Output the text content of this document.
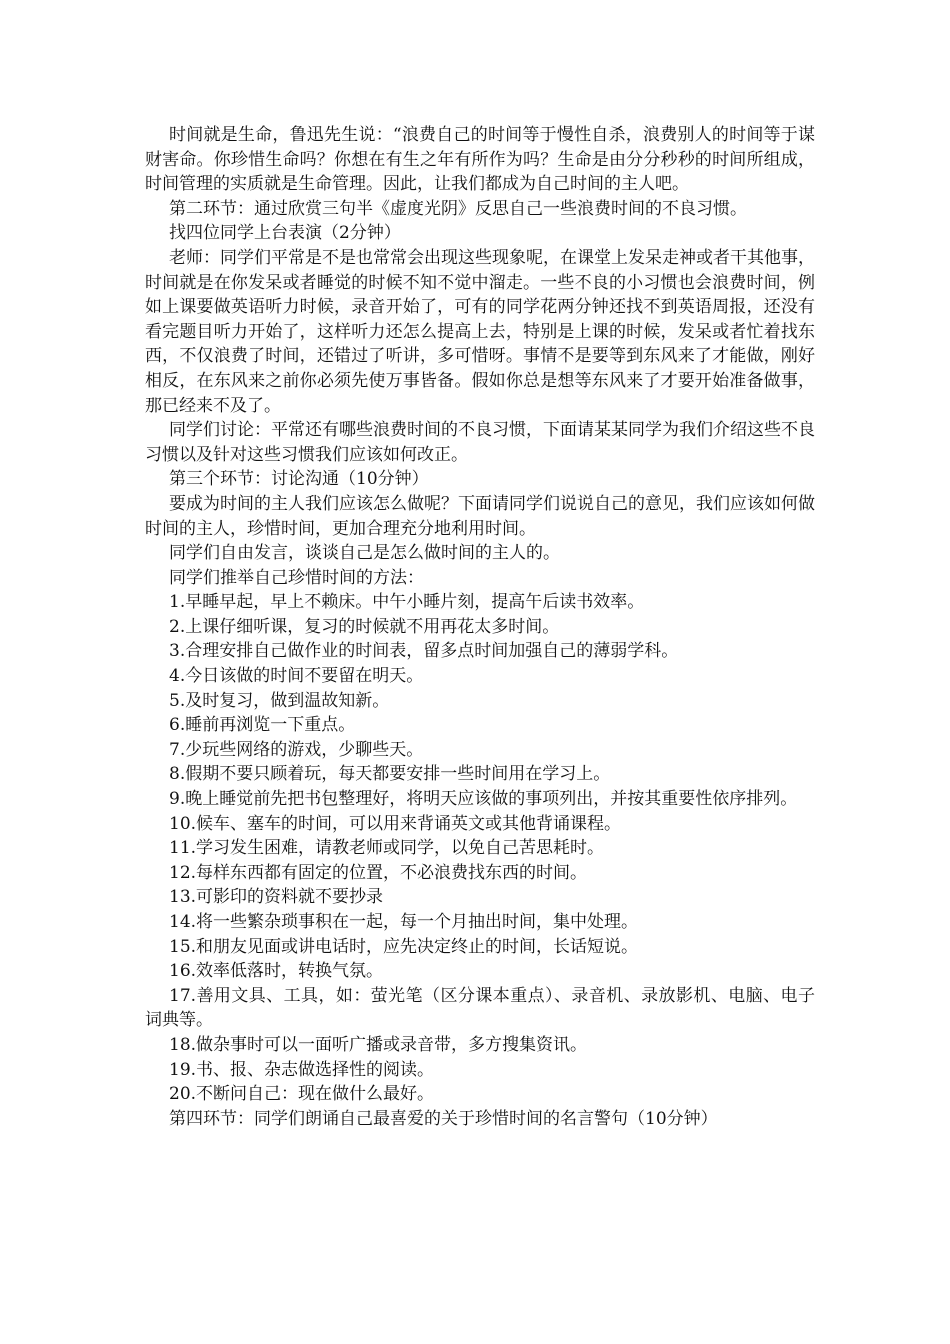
时间就是生命，鲁迅先生说：“浪费自己的时间等于慢性自杀，浪费别人的时间等于谋财害命。你珍惜生命吗？你想在有生之年有所作为吗？生命是由分分秒秒的时间所组成，时间管理的实质就是生命管理。因此，让我们都成为自己时间的主人吧。

第二环节：通过欣赏三句半《虚度光阴》反思自己一些浪费时间的不良习惯。

找四位同学上台表演（2分钟）

老师：同学们平常是不是也常常会出现这些现象呢，在课堂上发呆走神或者干其他事，时间就是在你发呆或者睡觉的时候不知不觉中溜走。一些不良的小习惯也会浪费时间，例如上课要做英语听力时候，录音开始了，可有的同学花两分钟还找不到英语周报，还没有看完题目听力开始了，这样听力还怎么提高上去，特别是上课的时候，发呆或者忙着找东西，不仅浪费了时间，还错过了听讲，多可惜呀。事情不是要等到东风来了才能做，刚好相反，在东风来之前你必须先使万事皆备。假如你总是想等东风来了才要开始准备做事，那已经来不及了。

同学们讨论：平常还有哪些浪费时间的不良习惯，下面请某某同学为我们介绍这些不良习惯以及针对这些习惯我们应该如何改正。

第三个环节：讨论沟通（10分钟）

要成为时间的主人我们应该怎么做呢？下面请同学们说说自己的意见，我们应该如何做时间的主人，珍惜时间，更加合理充分地利用时间。

同学们自由发言，谈谈自己是怎么做时间的主人的。

同学们推举自己珍惜时间的方法：

1.早睡早起，早上不赖床。中午小睡片刻，提高午后读书效率。

2.上课仔细听课，复习的时候就不用再花太多时间。

3.合理安排自己做作业的时间表，留多点时间加强自己的薄弱学科。

4.今日该做的时间不要留在明天。

5.及时复习，做到温故知新。

6.睡前再浏览一下重点。

7.少玩些网络的游戏，少聊些天。

8.假期不要只顾着玩，每天都要安排一些时间用在学习上。

9.晚上睡觉前先把书包整理好，将明天应该做的事项列出，并按其重要性依序排列。

10.候车、塞车的时间，可以用来背诵英文或其他背诵课程。

11.学习发生困难，请教老师或同学，以免自己苦思耗时。

12.每样东西都有固定的位置，不必浪费找东西的时间。

13.可影印的资料就不要抄录

14.将一些繁杂琐事积在一起，每一个月抽出时间，集中处理。

15.和朋友见面或讲电话时，应先决定终止的时间，长话短说。

16.效率低落时，转换气氛。

17.善用文具、工具，如：萤光笔（区分课本重点）、录音机、录放影机、电脑、电子词典等。

18.做杂事时可以一面听广播或录音带，多方搜集资讯。

19.书、报、杂志做选择性的阅读。

20.不断问自己：现在做什么最好。

第四环节：同学们朗诵自己最喜爱的关于珍惜时间的名言警句（10分钟）
